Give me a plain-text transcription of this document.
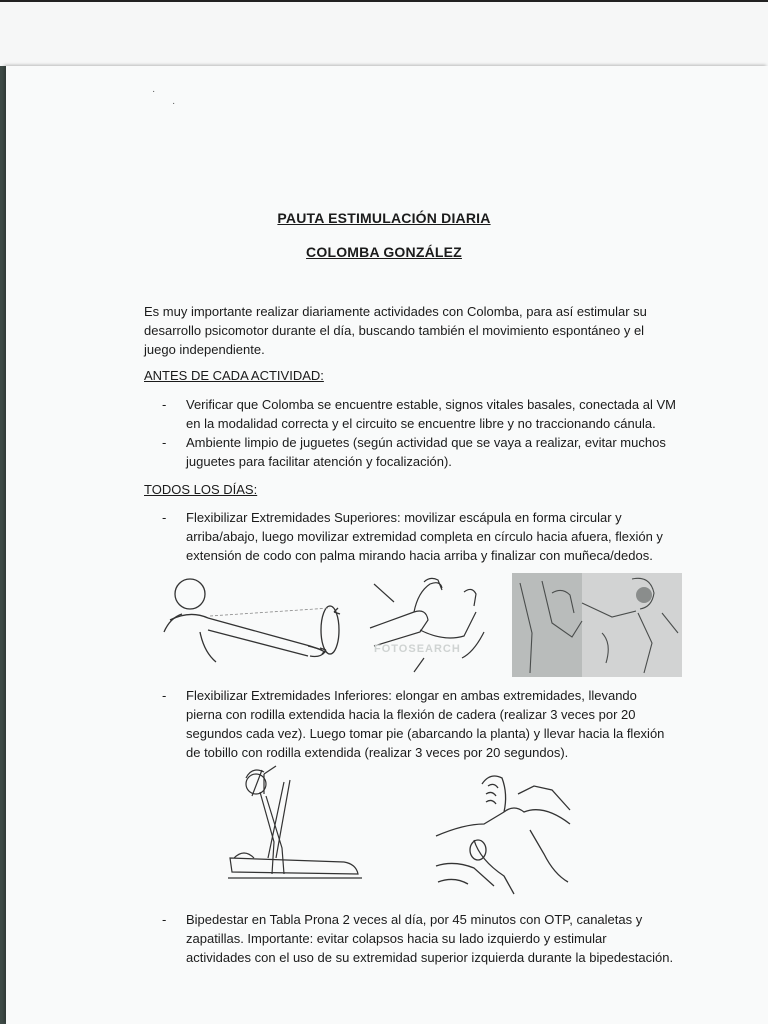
·
·
PAUTA ESTIMULACIÓN DIARIA
COLOMBA GONZÁLEZ
Es muy importante realizar diariamente actividades con Colomba, para así estimular su
desarrollo psicomotor durante el día, buscando también el movimiento espontáneo y el
juego independiente.
ANTES DE CADA ACTIVIDAD:
- Verificar que Colomba se encuentre estable, signos vitales basales, conectada al VM
en la modalidad correcta y el circuito se encuentre libre y no traccionando cánula.
- Ambiente limpio de juguetes (según actividad que se vaya a realizar, evitar muchos
juguetes para facilitar atención y focalización).
TODOS LOS DÍAS:
- Flexibilizar Extremidades Superiores: movilizar escápula en forma circular y
arriba/abajo, luego movilizar extremidad completa en círculo hacia afuera, flexión y
extensión de codo con palma mirando hacia arriba y finalizar con muñeca/dedos.
FOTOSEARCH
- Flexibilizar Extremidades Inferiores: elongar en ambas extremidades, llevando
pierna con rodilla extendida hacia la flexión de cadera (realizar 3 veces por 20
segundos cada vez). Luego tomar pie (abarcando la planta) y llevar hacia la flexión
de tobillo con rodilla extendida (realizar 3 veces por 20 segundos).
- Bipedestar en Tabla Prona 2 veces al día, por 45 minutos con OTP, canaletas y
zapatillas. Importante: evitar colapsos hacia su lado izquierdo y estimular
actividades con el uso de su extremidad superior izquierda durante la bipedestación.
